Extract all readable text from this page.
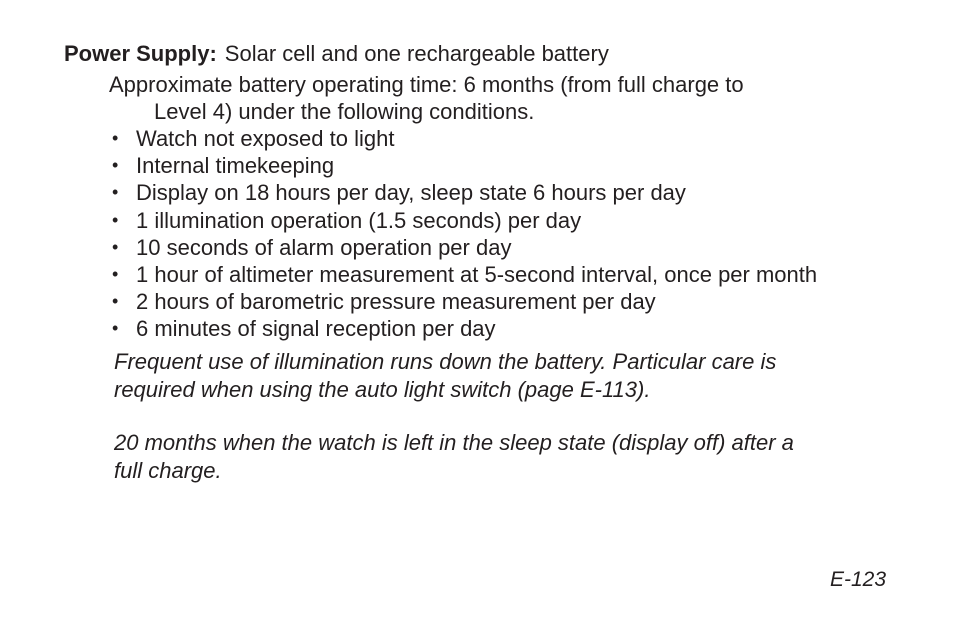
Power Supply: Solar cell and one rechargeable battery
Approximate battery operating time: 6 months (from full charge to
Level 4) under the following conditions.
• Watch not exposed to light
• Internal timekeeping
• Display on 18 hours per day, sleep state 6 hours per day
• 1 illumination operation (1.5 seconds) per day
• 10 seconds of alarm operation per day
• 1 hour of altimeter measurement at 5-second interval, once per month
• 2 hours of barometric pressure measurement per day
• 6 minutes of signal reception per day
Frequent use of illumination runs down the battery. Particular care is
required when using the auto light switch (page E-113).
20 months when the watch is left in the sleep state (display off) after a
full charge.
E-123
